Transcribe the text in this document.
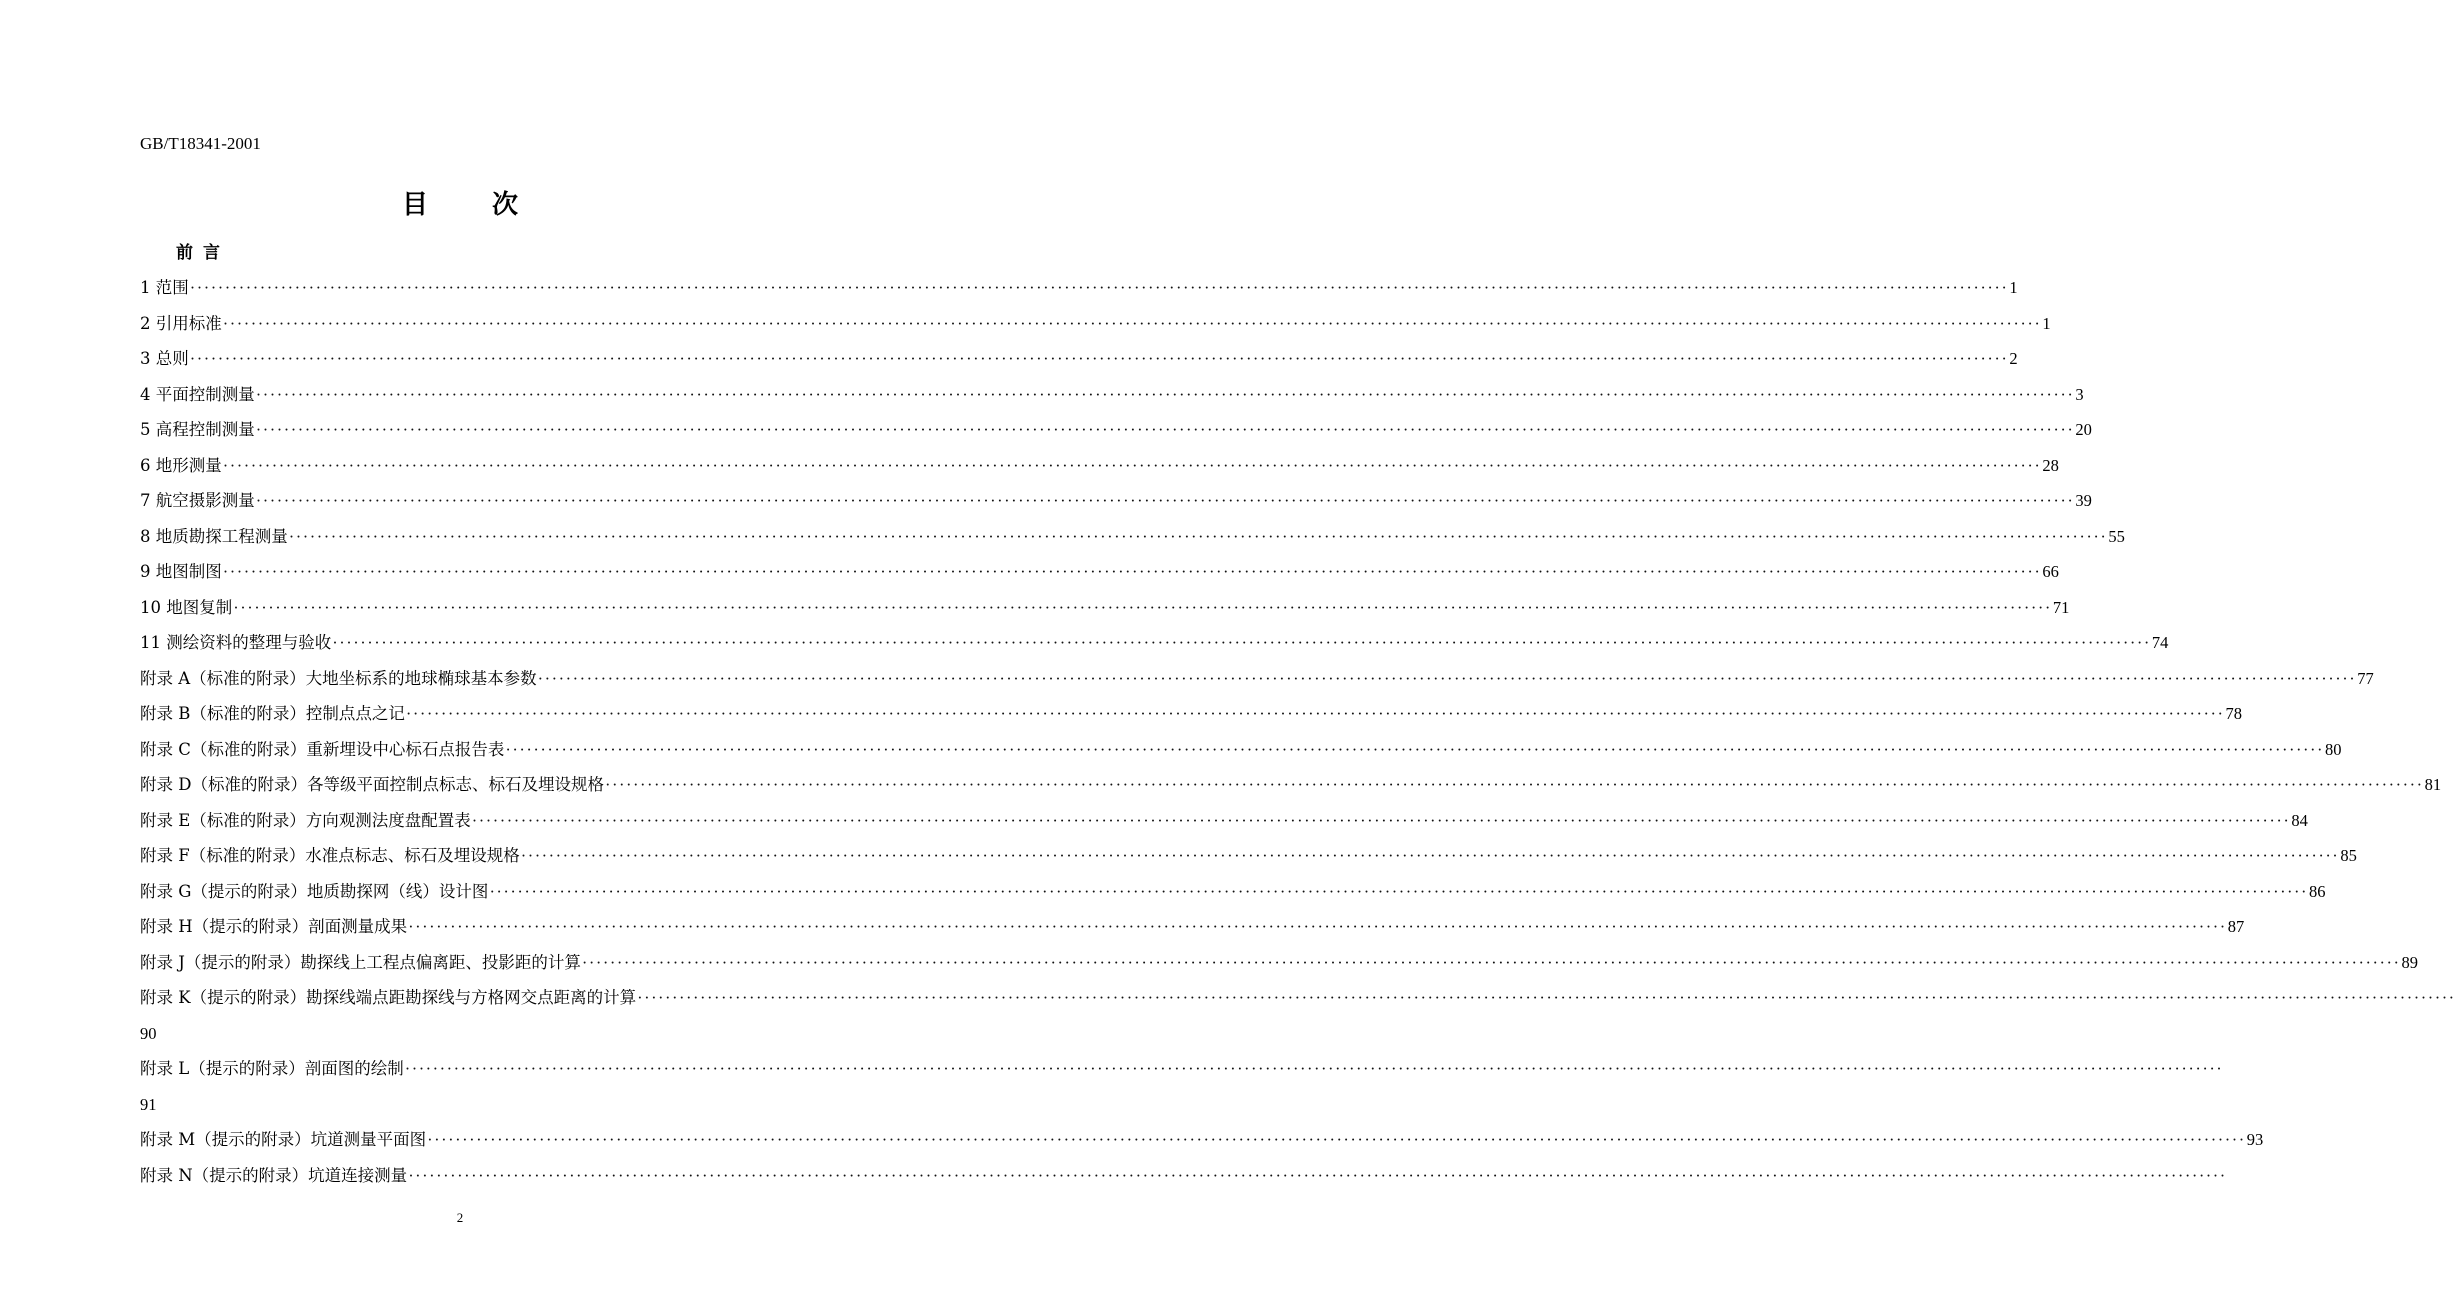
GB/T18341-2001
目次
前言
1 范围 ···································································································································································································································································· 1
2 引用标准 ···································································································································································································································································· 1
3 总则 ···································································································································································································································································· 2
4 平面控制测量 ···································································································································································································································································· 3
5 高程控制测量 ···································································································································································································································································· 20
6 地形测量 ···································································································································································································································································· 28
7 航空摄影测量 ···································································································································································································································································· 39
8 地质勘探工程测量 ···································································································································································································································································· 55
9 地图制图 ···································································································································································································································································· 66
10 地图复制 ···································································································································································································································································· 71
11 测绘资料的整理与验收 ···································································································································································································································································· 74
附录 A（标准的附录）大地坐标系的地球椭球基本参数 ···································································································································································································································································· 77
附录 B（标准的附录）控制点点之记 ···································································································································································································································································· 78
附录 C（标准的附录）重新埋设中心标石点报告表 ···································································································································································································································································· 80
附录 D（标准的附录）各等级平面控制点标志、标石及埋设规格 ···································································································································································································································································· 81
附录 E（标准的附录）方向观测法度盘配置表 ···································································································································································································································································· 84
附录 F（标准的附录）水准点标志、标石及埋设规格 ···································································································································································································································································· 85
附录 G（提示的附录）地质勘探网（线）设计图 ···································································································································································································································································· 86
附录 H（提示的附录）剖面测量成果 ···································································································································································································································································· 87
附录 J（提示的附录）勘探线上工程点偏离距、投影距的计算 ···································································································································································································································································· 89
附录 K（提示的附录）勘探线端点距勘探线与方格网交点距离的计算 ····································································································································································································································································
90
附录 L（提示的附录）剖面图的绘制 ····································································································································································································································································
91
附录 M（提示的附录）坑道测量平面图 ···································································································································································································································································· 93
附录 N（提示的附录）坑道连接测量 ····································································································································································································································································
2
